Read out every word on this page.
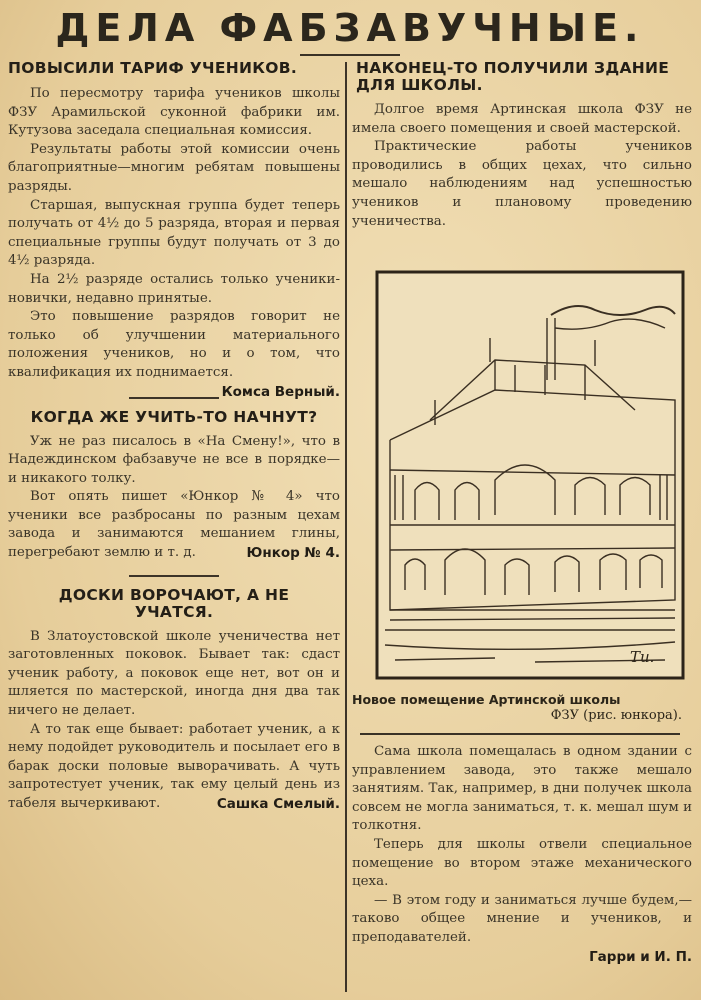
ДЕЛА ФАБЗАВУЧНЫЕ.
ПОВЫСИЛИ ТАРИФ УЧЕНИКОВ.

По пересмотру тарифа учеников школы ФЗУ Арамильской суконной фабрики им. Кутузова заседала специальная комиссия.

Результаты работы этой комиссии очень благоприятные—многим ребятам повышены разряды.

Старшая, выпускная группа будет теперь получать от 4½ до 5 разряда, вторая и первая специальные группы будут получать от 3 до 4½ разряда.

На 2½ разряде остались только ученики-новички, недавно принятые.

Это повышение разрядов говорит не только об улучшении материального положения учеников, но и о том, что квалификация их поднимается.
Комса Верный.

КОГДА ЖЕ УЧИТЬ-ТО НАЧНУТ?

Уж не раз писалось в «На Смену!», что в Надеждинском фабзавуче не все в порядке—и никакого толку.

Вот опять пишет «Юнкор № 4» что ученики все разбросаны по разным цехам завода и занимаются мешанием глины, перегребают землю и т. д.	Юнкор № 4.

ДОСКИ ВОРОЧАЮТ, А НЕ УЧАТСЯ.

В Златоустовской школе ученичества нет заготовленных поковок. Бывает так: сдаст ученик работу, а поковок еще нет, вот он и шляется по мастерской, иногда дня два так ничего не делает.

А то так еще бывает: работает ученик, а к нему подойдет руководитель и посылает его в барак доски половые выворачивать. А чуть запротестует ученик, так ему целый день из табеля вычеркивают.	Сашка Смелый.

НАКОНЕЦ-ТО ПОЛУЧИЛИ ЗДАНИЕ ДЛЯ ШКОЛЫ.

Долгое время Артинская школа ФЗУ не имела своего помещения и своей мастерской.

Практические работы учеников проводились в общих цехах, что сильно мешало наблюдениям над успешностью учеников и плановому проведению ученичества.

Ти.
Новое помещение Артинской школы
ФЗУ (рис. юнкора).

Сама школа помещалась в одном здании с управлением завода, это также мешало занятиям. Так, например, в дни получек школа совсем не могла заниматься, т. к. мешал шум и толкотня.

Теперь для школы отвели специальное помещение во втором этаже механического цеха.

— В этом году и заниматься лучше будем,—таково общее мнение и учеников, и преподавателей.

Гарри и И. П.
